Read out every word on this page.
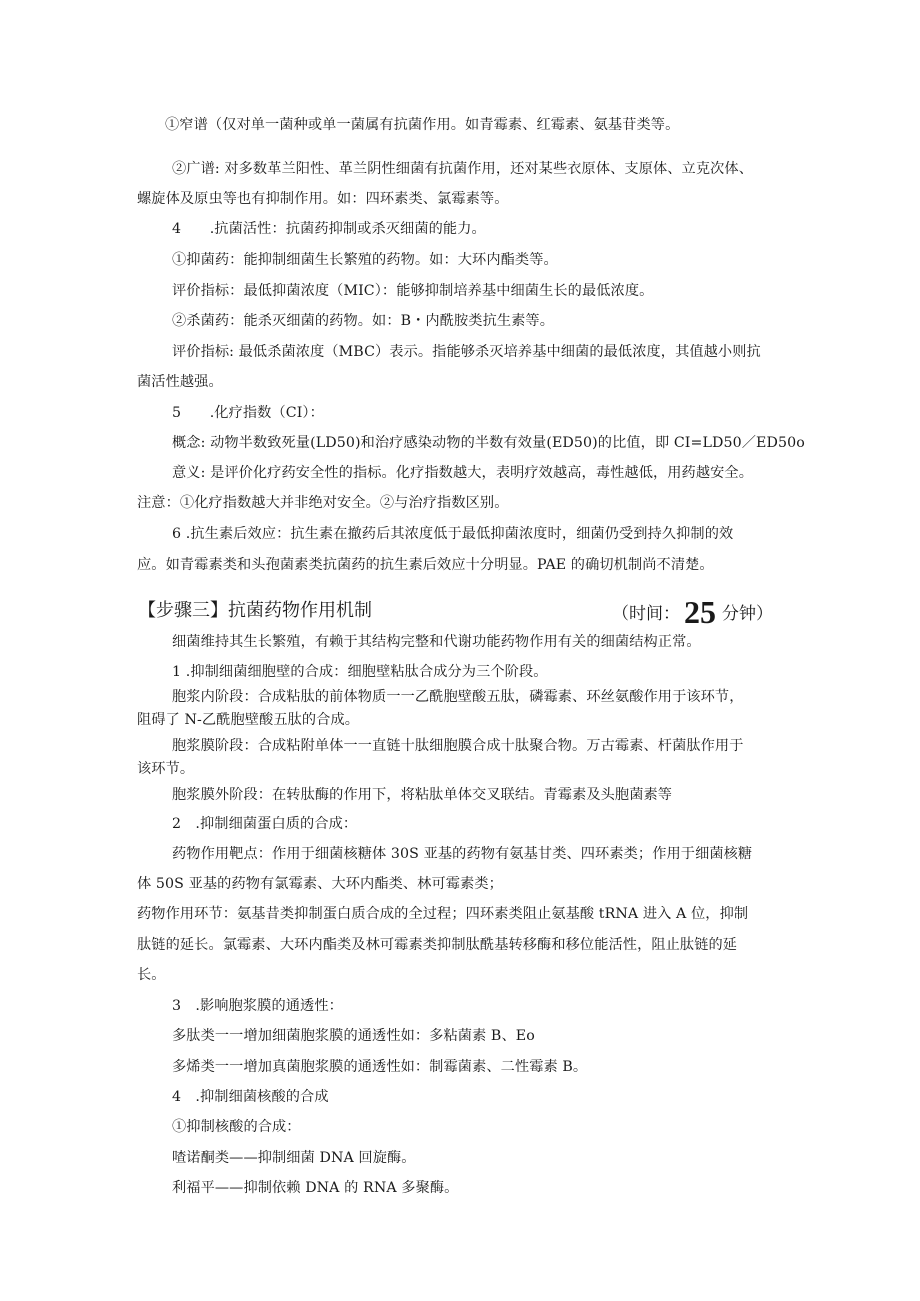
①窄谱（仅对单一菌种或单一菌属有抗菌作用。如青霉素、红霉素、氨基苷类等。
②广谱: 对多数革兰阳性、革兰阴性细菌有抗菌作用，还对某些衣原体、支原体、立克次体、
螺旋体及原虫等也有抑制作用。如：四环素类、氯霉素等。
4　　.抗菌活性：抗菌药抑制或杀灭细菌的能力。
①抑菌药：能抑制细菌生长繁殖的药物。如：大环内酯类等。
评价指标：最低抑菌浓度（MIC）：能够抑制培养基中细菌生长的最低浓度。
②杀菌药：能杀灭细菌的药物。如：B・内酰胺类抗生素等。
评价指标: 最低杀菌浓度（MBC）表示。指能够杀灭培养基中细菌的最低浓度，其值越小则抗
菌活性越强。
5　　.化疗指数（CI）：
概念: 动物半数致死量(LD50)和治疗感染动物的半数有效量(ED50)的比值，即 CI=LD50／ED50o
意义: 是评价化疗药安全性的指标。化疗指数越大，表明疗效越高，毒性越低，用药越安全。
注意：①化疗指数越大并非绝对安全。②与治疗指数区别。
6 .抗生素后效应：抗生素在撤药后其浓度低于最低抑菌浓度时，细菌仍受到持久抑制的效
应。如青霉素类和头孢菌素类抗菌药的抗生素后效应十分明显。PAE 的确切机制尚不清楚。
【步骤三】抗菌药物作用机制	（时间： 25 分钟）
细菌维持其生长繁殖，有赖于其结构完整和代谢功能药物作用有关的细菌结构正常。
1 .抑制细菌细胞壁的合成：细胞壁粘肽合成分为三个阶段。
胞浆内阶段：合成粘肽的前体物质一一乙酰胞壁酸五肽，磷霉素、环丝氨酸作用于该环节，
阻碍了 N-乙酰胞壁酸五肽的合成。
胞浆膜阶段：合成粘附单体一一直链十肽细胞膜合成十肽聚合物。万古霉素、杆菌肽作用于
该环节。
胞浆膜外阶段：在转肽酶的作用下，将粘肽单体交叉联结。青霉素及头胞菌素等
2　.抑制细菌蛋白质的合成：
药物作用靶点：作用于细菌核糖体 30S 亚基的药物有氨基甘类、四环素类；作用于细菌核糖
体 50S 亚基的药物有氯霉素、大环内酯类、林可霉素类；
药物作用环节：氨基昔类抑制蛋白质合成的全过程；四环素类阻止氨基酸 tRNA 进入 A 位，抑制
肽链的延长。氯霉素、大环内酯类及林可霉素类抑制肽酰基转移酶和移位能活性，阻止肽链的延
长。
3　.影响胞浆膜的通透性：
多肽类一一增加细菌胞浆膜的通透性如：多粘菌素 B、Eo
多烯类一一增加真菌胞浆膜的通透性如：制霉菌素、二性霉素 B。
4　.抑制细菌核酸的合成
①抑制核酸的合成：
喳诺酮类——抑制细菌 DNA 回旋酶。
利福平——抑制依赖 DNA 的 RNA 多聚酶。
